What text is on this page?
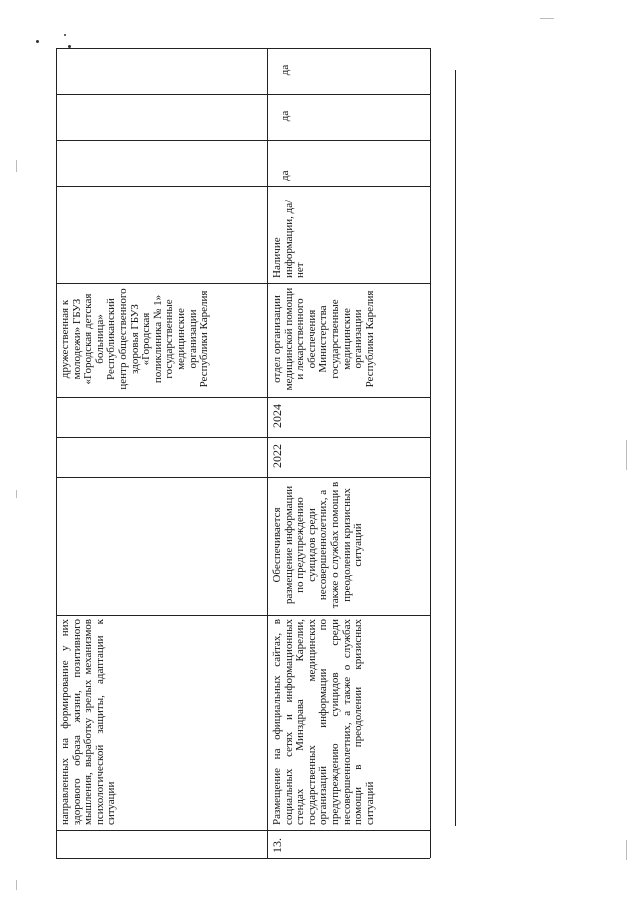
направленных на формирование у них здорового образа жизни, позитивного мышления, выработку зрелых механизмов психологической защиты, адаптации к ситуации
дружественная к молодежи» ГБУЗ «Городская детская больница» Республиканский центр общественного здоровья ГБУЗ «Городская поликлиника № 1» государственные медицинские организации Республики Карелия
13.
Размещение на официальных сайтах, в социальных сетях и информационных стендах Минздрава Карелии, государственных медицинских организаций информации по предупреждению суицидов среди несовершеннолетних, а также о службах помощи в преодолении кризисных ситуаций
Обеспечивается размещение информации по предупреждению суицидов среди несовершеннолетних, а также о службах помощи в преодолении кризисных ситуаций
2022
2024
отдел организации медицинской помощи и лекарственного обеспечения Министерства государственные медицинские организации Республики Карелия
Наличие информации, да/нет
да
да
да
